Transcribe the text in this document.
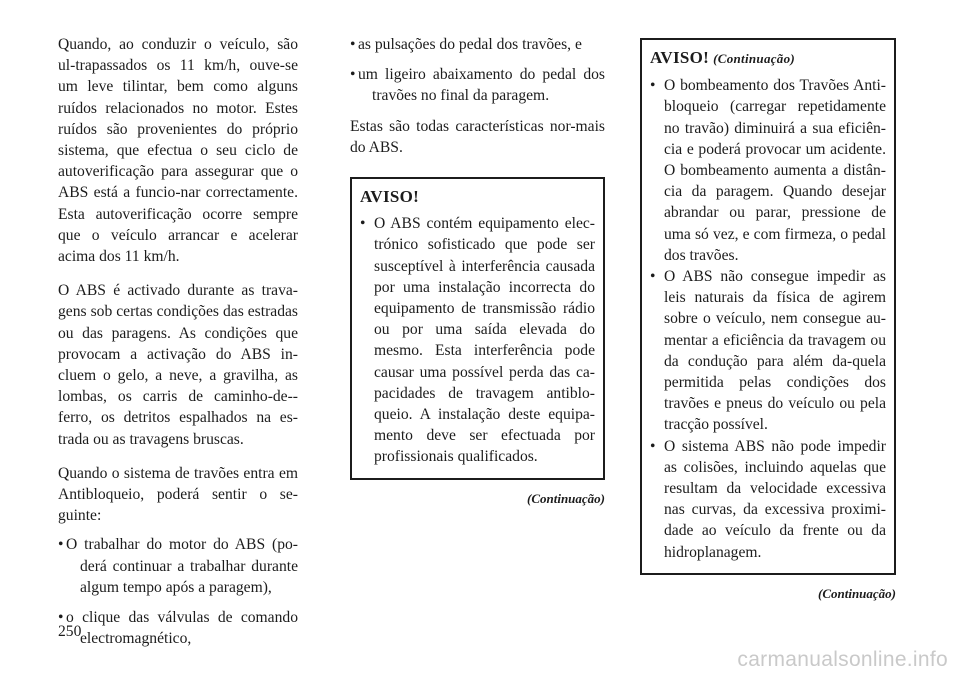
Quando, ao conduzir o veículo, são ul-trapassados os 11 km/h, ouve-se um leve tilintar, bem como alguns ruídos relacionados no motor. Estes ruídos são provenientes do próprio sistema, que efectua o seu ciclo de autoverificação para assegurar que o ABS está a funcio-nar correctamente. Esta autoverificação ocorre sempre que o veículo arrancar e acelerar acima dos 11 km/h.

O ABS é activado durante as trava-gens sob certas condições das estradas ou das paragens. As condições que provocam a activação do ABS in-cluem o gelo, a neve, a gravilha, as lombas, os carris de caminho-de--ferro, os detritos espalhados na es-trada ou as travagens bruscas.

Quando o sistema de travões entra em Antibloqueio, poderá sentir o se-guinte:

• O trabalhar do motor do ABS (po-derá continuar a trabalhar durante algum tempo após a paragem),
• o clique das válvulas de comando electromagnético,
• as pulsações do pedal dos travões, e
• um ligeiro abaixamento do pedal dos travões no final da paragem.

Estas são todas características nor-mais do ABS.

AVISO!
• O ABS contém equipamento elec-trónico sofisticado que pode ser susceptível à interferência causada por uma instalação incorrecta do equipamento de transmissão rádio ou por uma saída elevada do mesmo. Esta interferência pode causar uma possível perda das ca-pacidades de travagem antiblo-queio. A instalação deste equipa-mento deve ser efectuada por profissionais qualificados.
(Continuação)
AVISO! (Continuação)
• O bombeamento dos Travões Anti-bloqueio (carregar repetidamente no travão) diminuirá a sua eficiên-cia e poderá provocar um acidente. O bombeamento aumenta a distân-cia da paragem. Quando desejar abrandar ou parar, pressione de uma só vez, e com firmeza, o pedal dos travões.
• O ABS não consegue impedir as leis naturais da física de agirem sobre o veículo, nem consegue au-mentar a eficiência da travagem ou da condução para além da-quela permitida pelas condições dos travões e pneus do veículo ou pela tracção possível.
• O sistema ABS não pode impedir as colisões, incluindo aquelas que resultam da velocidade excessiva nas curvas, da excessiva proximi-dade ao veículo da frente ou da hidroplanagem.
(Continuação)
250
carmanualsonline.info
